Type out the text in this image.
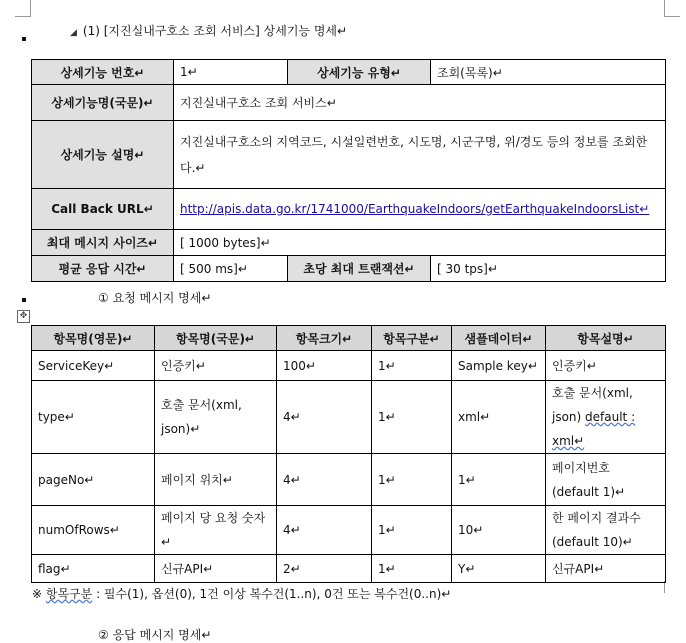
✥
◢ (1) [지진실내구호소 조회 서비스] 상세기능 명세↵
상세기능 번호↵	1↵	상세기능 유형↵	조회(목록)↵
상세기능명(국문)↵	지진실내구호소 조회 서비스↵		
상세기능 설명↵	지진실내구호소의 지역코드, 시설일련번호, 시도명, 시군구명, 위/경도 등의 정보를 조회한다.↵		
Call Back URL↵	http://apis.data.go.kr/1741000/EarthquakeIndoors/getEarthquakeIndoorsList↵		
최대 메시지 사이즈↵	[ 1000 bytes]↵		
평균 응답 시간↵	[ 500 ms]↵	초당 최대 트랜잭션↵	[ 30 tps]↵
① 요청 메시지 명세↵
항목명(영문)↵	항목명(국문)↵	항목크기↵	항목구분↵	샘플데이터↵	항목설명↵
ServiceKey↵	인증키↵	100↵	1↵	Sample key↵	인증키↵
type↵	호출 문서(xml, json)↵	4↵	1↵	xml↵	호출 문서(xml, json) default : xml↵
pageNo↵	페이지 위치↵	4↵	1↵	1↵	페이지번호 (default 1)↵
numOfRows↵	페이지 당 요청 숫자↵	4↵	1↵	10↵	한 페이지 결과수(default 10)↵
flag↵	신규API↵	2↵	1↵	Y↵	신규API↵
※ 항목구분 : 필수(1), 옵션(0), 1건 이상 복수건(1..n), 0건 또는 복수건(0..n)↵
② 응답 메시지 명세↵
